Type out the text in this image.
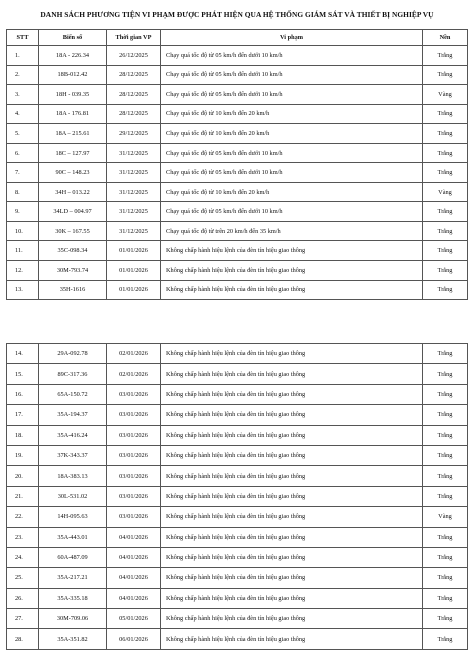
DANH SÁCH PHƯƠNG TIỆN VI PHẠM ĐƯỢC PHÁT HIỆN QUA HỆ THỐNG GIÁM SÁT VÀ THIẾT BỊ NGHIỆP VỤ
STT	Biển số	Thời gian VP	Vi phạm	Nền
1.	18A - 226.34	26/12/2025	Chạy quá tốc độ từ 05 km/h đến dưới 10 km/h	Trắng
2.	18B-012.42	28/12/2025	Chạy quá tốc độ từ 05 km/h đến dưới 10 km/h	Trắng
3.	18H - 039.35	28/12/2025	Chạy quá tốc độ từ 05 km/h đến dưới 10 km/h	Vàng
4.	18A - 176.81	28/12/2025	Chạy quá tốc độ từ 10 km/h đến 20 km/h	Trắng
5.	18A – 215.61	29/12/2025	Chạy quá tốc độ từ 10 km/h đến 20 km/h	Trắng
6.	18C – 127.97	31/12/2025	Chạy quá tốc độ từ 05 km/h đến dưới 10 km/h	Trắng
7.	90C – 148.23	31/12/2025	Chạy quá tốc độ từ 05 km/h đến dưới 10 km/h	Trắng
8.	34H – 013.22	31/12/2025	Chạy quá tốc độ từ 10 km/h đến 20 km/h	Vàng
9.	34LD – 004.97	31/12/2025	Chạy quá tốc độ từ 05 km/h đến dưới 10 km/h	Trắng
10.	30K – 167.55	31/12/2025	Chạy quá tốc độ từ trên 20 km/h đến 35 km/h	Trắng
11.	35C-098.34	01/01/2026	Không chấp hành hiệu lệnh của đèn tín hiệu giao thông	Trắng
12.	30M-793.74	01/01/2026	Không chấp hành hiệu lệnh của đèn tín hiệu giao thông	Trắng
13.	35H-1616	01/01/2026	Không chấp hành hiệu lệnh của đèn tín hiệu giao thông	Trắng
14.	29A-092.78	02/01/2026	Không chấp hành hiệu lệnh của đèn tín hiệu giao thông	Trắng
15.	89C-317.36	02/01/2026	Không chấp hành hiệu lệnh của đèn tín hiệu giao thông	Trắng
16.	65A-150.72	03/01/2026	Không chấp hành hiệu lệnh của đèn tín hiệu giao thông	Trắng
17.	35A-194.37	03/01/2026	Không chấp hành hiệu lệnh của đèn tín hiệu giao thông	Trắng
18.	35A-416.24	03/01/2026	Không chấp hành hiệu lệnh của đèn tín hiệu giao thông	Trắng
19.	37K-343.37	03/01/2026	Không chấp hành hiệu lệnh của đèn tín hiệu giao thông	Trắng
20.	18A-383.13	03/01/2026	Không chấp hành hiệu lệnh của đèn tín hiệu giao thông	Trắng
21.	30L-531.02	03/01/2026	Không chấp hành hiệu lệnh của đèn tín hiệu giao thông	Trắng
22.	14H-095.63	03/01/2026	Không chấp hành hiệu lệnh của đèn tín hiệu giao thông	Vàng
23.	35A-443.01	04/01/2026	Không chấp hành hiệu lệnh của đèn tín hiệu giao thông	Trắng
24.	60A-487.09	04/01/2026	Không chấp hành hiệu lệnh của đèn tín hiệu giao thông	Trắng
25.	35A-217.21	04/01/2026	Không chấp hành hiệu lệnh của đèn tín hiệu giao thông	Trắng
26.	35A-335.18	04/01/2026	Không chấp hành hiệu lệnh của đèn tín hiệu giao thông	Trắng
27.	30M-709.06	05/01/2026	Không chấp hành hiệu lệnh của đèn tín hiệu giao thông	Trắng
28.	35A-351.82	06/01/2026	Không chấp hành hiệu lệnh của đèn tín hiệu giao thông	Trắng
